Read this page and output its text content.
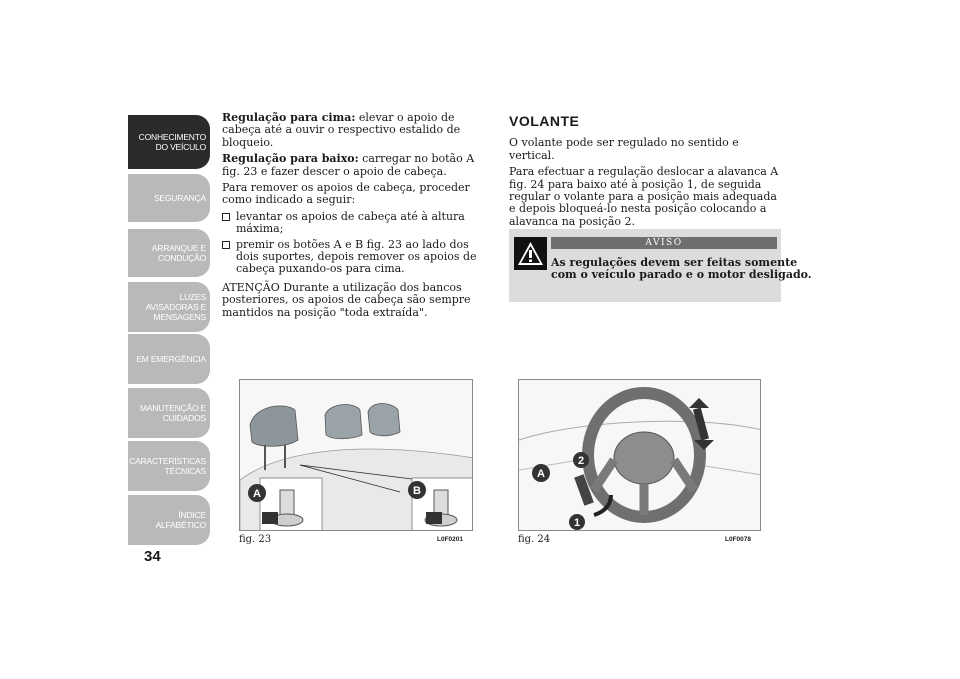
CONHECIMENTO
DO VEÍCULO
SEGURANÇA
ARRANQUE E
CONDUÇÃO
LUZES
AVISADORAS E
MENSAGENS
EM EMERGÊNCIA
MANUTENÇÃO E
CUIDADOS
CARACTERÍSTICAS
TÉCNICAS
ÍNDICE
ALFABÉTICO
34

Regulação para cima: elevar o apoio de cabeça até a ouvir o respectivo estalido de bloqueio.

Regulação para baixo: carregar no botão A fig. 23 e fazer descer o apoio de cabeça.

Para remover os apoios de cabeça, proceder como indicado a seguir:

levantar os apoios de cabeça até à altura máxima;
premir os botões A e B fig. 23 ao lado dos dois suportes, depois remover os apoios de cabeça puxando-os para cima.

ATENÇÃO Durante a utilização dos bancos posteriores, os apoios de cabeça são sempre mantidos na posição "toda extraída".

VOLANTE

O volante pode ser regulado no sentido e vertical.

Para efectuar a regulação deslocar a alavanca A fig. 24 para baixo até à posição 1, de seguida regular o volante para a posição mais adequada e depois bloqueá-lo nesta posição colocando a alavanca na posição 2.

AVISO
As regulações devem ser feitas somente com o veículo parado e o motor desligado.
A	B
fig. 23	L0F0201
A
1
2
fig. 24	L0F0078
